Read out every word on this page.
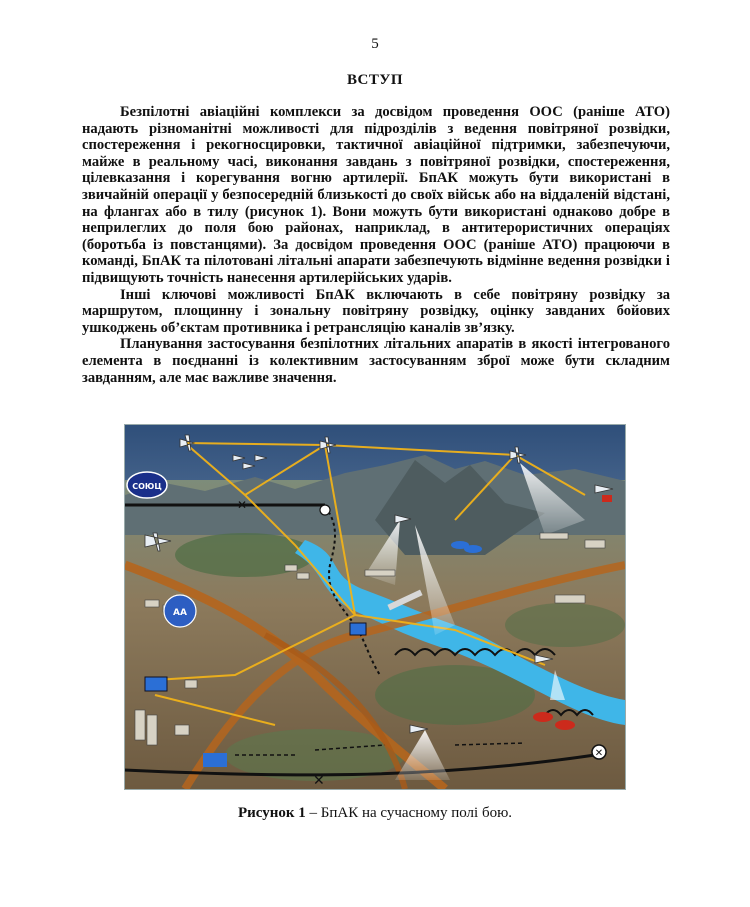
5
ВСТУП

Безпілотні авіаційні комплекси за досвідом проведення ООС (раніше АТО) надають різноманітні можливості для підрозділів з ведення повітряної розвідки, спостереження і рекогносцировки, тактичної авіаційної підтримки, забезпечуючи, майже в реальному часі, виконання завдань з повітряної розвідки, спостереження, цілевказання і корегування вогню артилерії. БпАК можуть бути використані в звичайній операції у безпосередній близькості до своїх військ або на віддаленій відстані, на флангах або в тилу (рисунок 1). Вони можуть бути використані однаково добре в неприлеглих до поля бою районах, наприклад, в антитерористичних операціях (боротьба із повстанцями). За досвідом проведення ООС (раніше АТО) працюючи в команді, БпАК та пілотовані літальні апарати забезпечують відмінне ведення розвідки і підвищують точність нанесення артилерійських ударів.

Інші ключові можливості БпАК включають в себе повітряну розвідку за маршрутом, площинну і зональну повітряну розвідку, оцінку завданих бойових ушкоджень об’єктам противника і ретрансляцію каналів зв’язку.

Планування застосування безпілотних літальних апаратів в якості інтегрованого елемента в поєднанні із колективним застосуванням зброї може бути складним завданням, але має важливе значення.

✕
✕
СОЮЦ
АА
✕
Рисунок 1 – БпАК на сучасному полі бою.
